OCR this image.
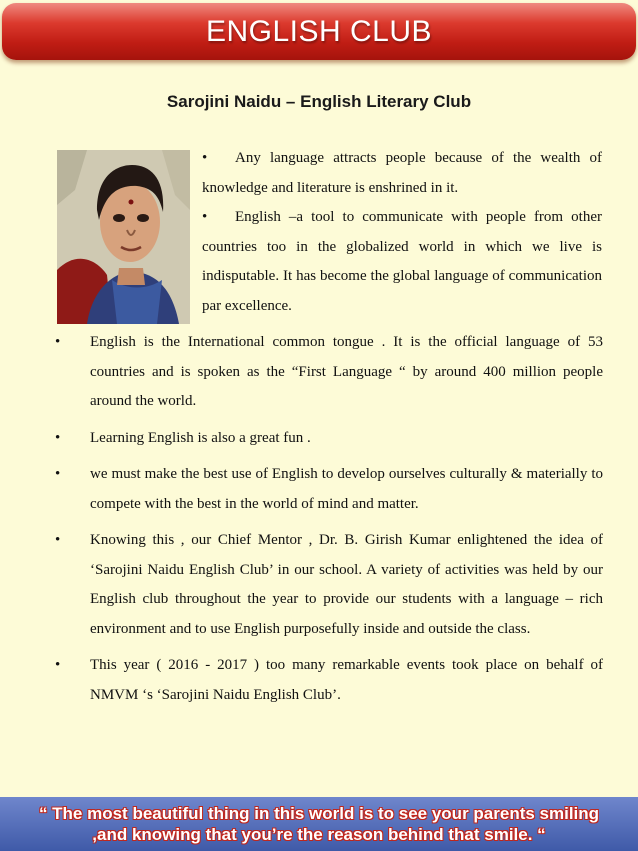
ENGLISH CLUB
Sarojini Naidu – English Literary Club
• Any language attracts people because of the wealth of knowledge and literature is enshrined in it.
• English –a tool to communicate with people from other countries too in the globalized world in which we live is indisputable. It has become the global language of communication par excellence.
• English is the International common tongue . It is the official language of 53 countries and is spoken as the “First Language “ by around 400 million people around the world.
• Learning English is also a great fun .
• we must make the best use of English to develop ourselves culturally & materially to compete with the best in the world of mind and matter.
• Knowing this , our Chief Mentor , Dr. B. Girish Kumar enlightened the idea of ‘Sarojini Naidu English Club’ in our school. A variety of activities was held by our English club throughout the year to provide our students with a language – rich environment and to use English purposefully inside and outside the class.
• This year ( 2016 - 2017 ) too many remarkable events took place on behalf of NMVM ‘s ‘Sarojini Naidu English Club’.
“ The most beautiful thing in this world is to see your parents smiling
,and knowing that you’re the reason behind that smile. “
